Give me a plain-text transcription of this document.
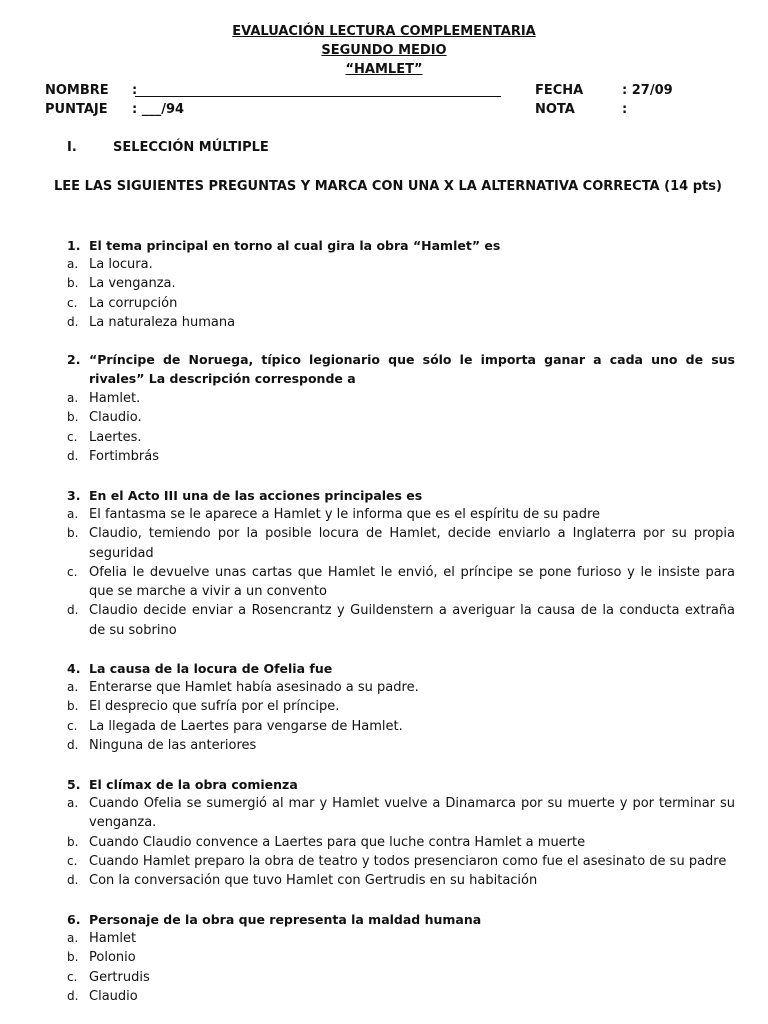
EVALUACIÓN LECTURA COMPLEMENTARIA
SEGUNDO MEDIO
“HAMLET”
NOMBRE :	FECHA	: 27/09
PUNTAJE : ___/94	NOTA	:
I.	SELECCIÓN MÚLTIPLE
LEE LAS SIGUIENTES PREGUNTAS Y MARCA CON UNA X LA ALTERNATIVA CORRECTA (14 pts)
1. El tema principal en torno al cual gira la obra “Hamlet” es
a. La locura.
b. La venganza.
c. La corrupción
d. La naturaleza humana
2. “Príncipe de Noruega, típico legionario que sólo le importa ganar a cada uno de sus rivales” La descripción corresponde a
a. Hamlet.
b. Claudio.
c. Laertes.
d. Fortimbrás
3. En el Acto III una de las acciones principales es
a. El fantasma se le aparece a Hamlet y le informa que es el espíritu de su padre
b. Claudio, temiendo por la posible locura de Hamlet, decide enviarlo a Inglaterra por su propia seguridad
c. Ofelia le devuelve unas cartas que Hamlet le envió, el príncipe se pone furioso y le insiste para que se marche a vivir a un convento
d. Claudio decide enviar a Rosencrantz y Guildenstern a averiguar la causa de la conducta extraña de su sobrino
4. La causa de la locura de Ofelia fue
a. Enterarse que Hamlet había asesinado a su padre.
b. El desprecio que sufría por el príncipe.
c. La llegada de Laertes para vengarse de Hamlet.
d. Ninguna de las anteriores
5. El clímax de la obra comienza
a. Cuando Ofelia se sumergió al mar y Hamlet vuelve a Dinamarca por su muerte y por terminar su venganza.
b. Cuando Claudio convence a Laertes para que luche contra Hamlet a muerte
c. Cuando Hamlet preparo la obra de teatro y todos presenciaron como fue el asesinato de su padre
d. Con la conversación que tuvo Hamlet con Gertrudis en su habitación
6. Personaje de la obra que representa la maldad humana
a. Hamlet
b. Polonio
c. Gertrudis
d. Claudio
